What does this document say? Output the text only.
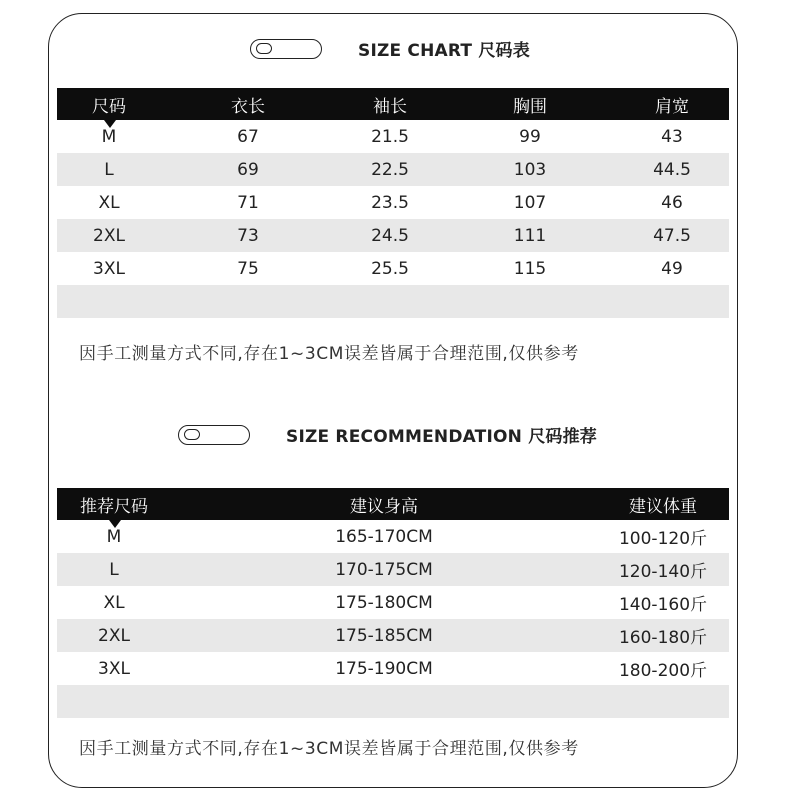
SIZE CHART 尺码表
尺码	衣长	袖长	胸围	肩宽
M	67	21.5	99	43
L	69	22.5	103	44.5
XL	71	23.5	107	46
2XL	73	24.5	111	47.5
3XL	75	25.5	115	49
因手工测量方式不同,存在1~3CM误差皆属于合理范围,仅供参考
SIZE RECOMMENDATION 尺码推荐
推荐尺码	建议身高	建议体重
M	165-170CM	100-120斤
L	170-175CM	120-140斤
XL	175-180CM	140-160斤
2XL	175-185CM	160-180斤
3XL	175-190CM	180-200斤
因手工测量方式不同,存在1~3CM误差皆属于合理范围,仅供参考
